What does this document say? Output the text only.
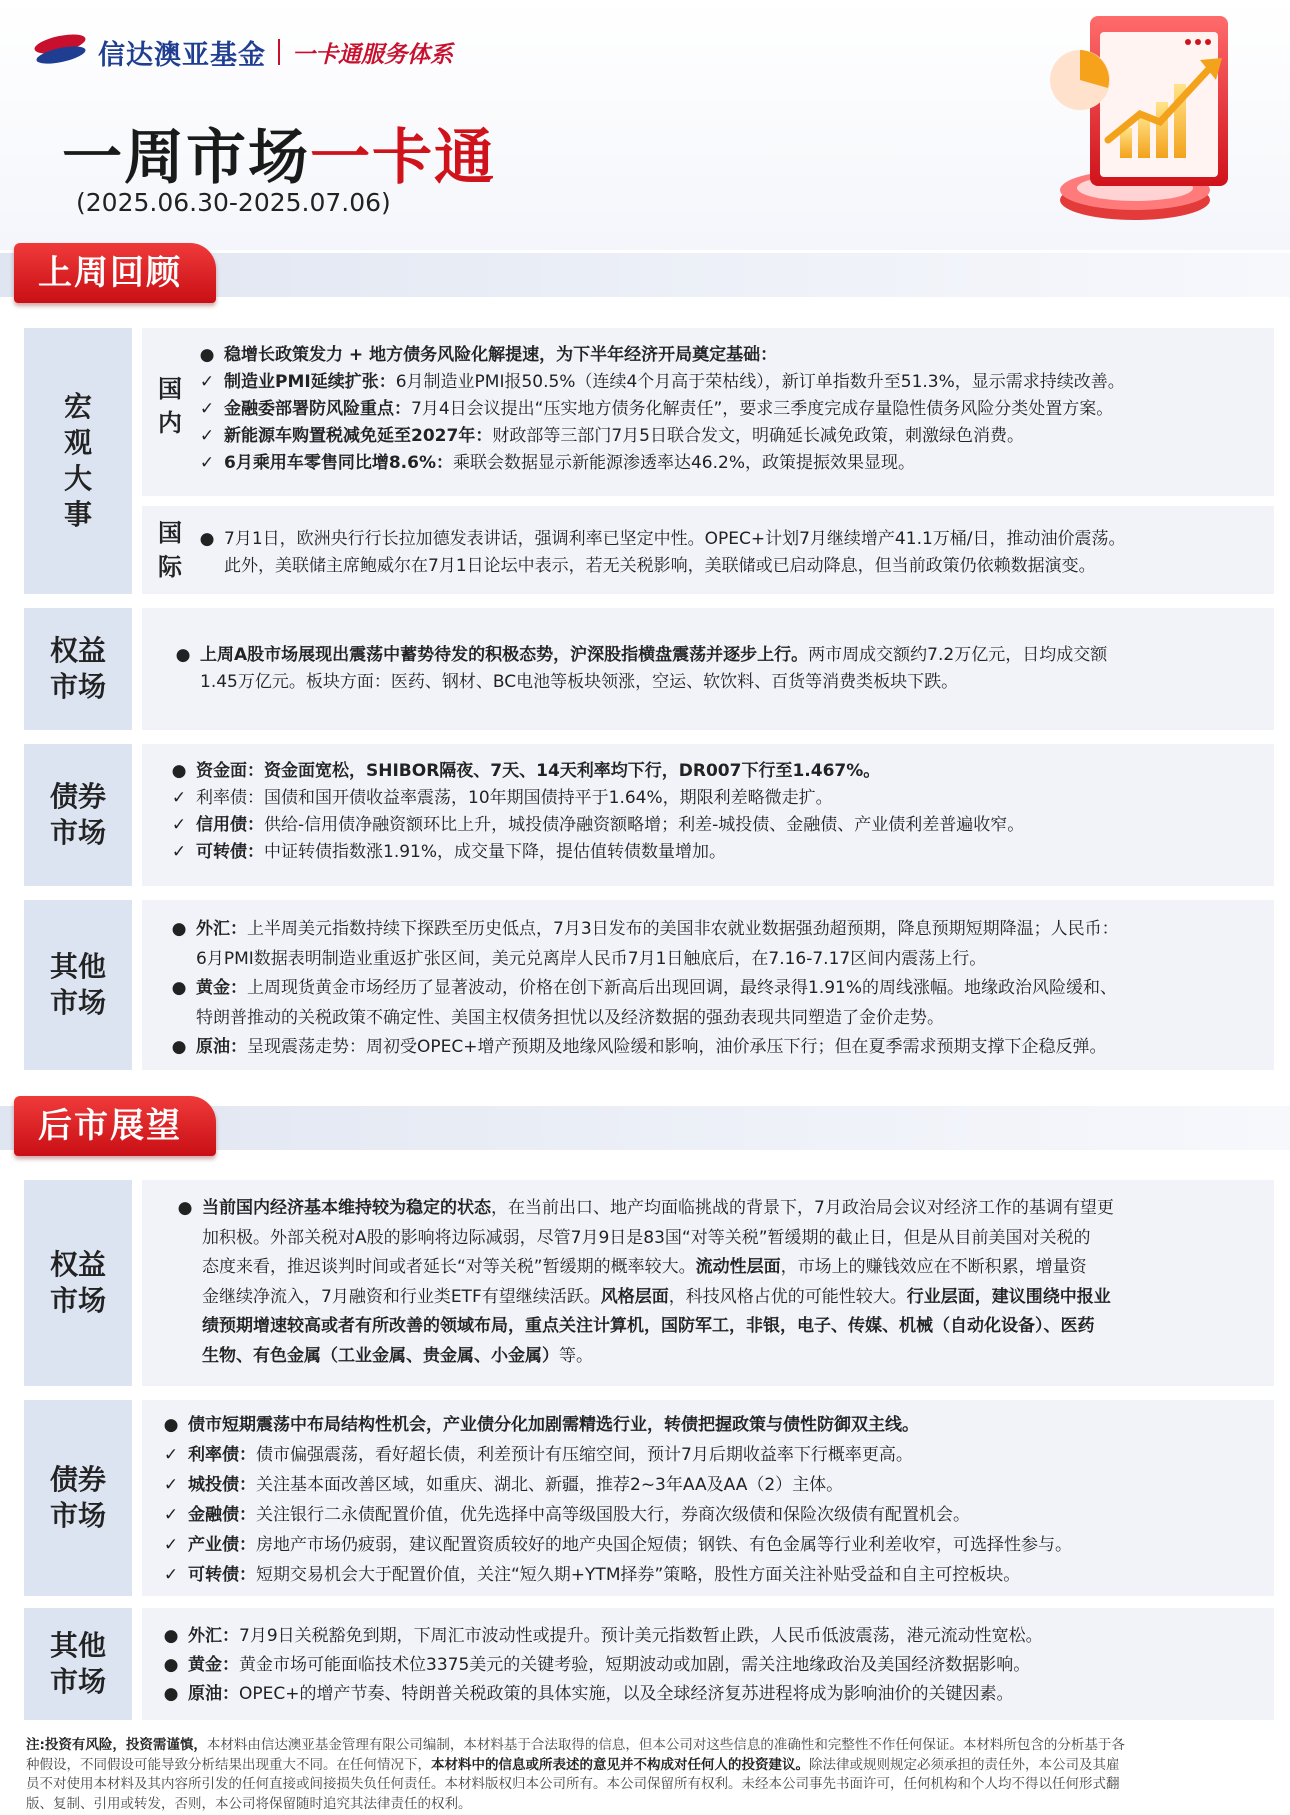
信达澳亚基金 一卡通服务体系
一周市场一卡通
(2025.06.30-2025.07.06)
上周回顾
宏
观
大
事
● 稳增长政策发力 + 地方债务风险化解提速，为下半年经济开局奠定基础：
✓ 制造业PMI延续扩张：6月制造业PMI报50.5%（连续4个月高于荣枯线），新订单指数升至51.3%，显示需求持续改善。
✓ 金融委部署防风险重点：7月4日会议提出“压实地方债务化解责任”，要求三季度完成存量隐性债务风险分类处置方案。
✓ 新能源车购置税减免延至2027年：财政部等三部门7月5日联合发文，明确延长减免政策，刺激绿色消费。
✓ 6月乘用车零售同比增8.6%：乘联会数据显示新能源渗透率达46.2%，政策提振效果显现。
国
内
● 7月1日，欧洲央行行长拉加德发表讲话，强调利率已坚定中性。OPEC+计划7月继续增产41.1万桶/日，推动油价震荡。
此外，美联储主席鲍威尔在7月1日论坛中表示，若无关税影响，美联储或已启动降息，但当前政策仍依赖数据演变。
国
际
权益
市场
● 上周A股市场展现出震荡中蓄势待发的积极态势，沪深股指横盘震荡并逐步上行。两市周成交额约7.2万亿元，日均成交额
1.45万亿元。板块方面：医药、钢材、BC电池等板块领涨，空运、软饮料、百货等消费类板块下跌。
债券
市场
● 资金面：资金面宽松，SHIBOR隔夜、7天、14天利率均下行，DR007下行至1.467%。
✓ 利率债：国债和国开债收益率震荡，10年期国债持平于1.64%，期限利差略微走扩。
✓ 信用债：供给-信用债净融资额环比上升，城投债净融资额略增；利差-城投债、金融债、产业债利差普遍收窄。
✓ 可转债：中证转债指数涨1.91%，成交量下降，提估值转债数量增加。
其他
市场
● 外汇：上半周美元指数持续下探跌至历史低点，7月3日发布的美国非农就业数据强劲超预期，降息预期短期降温；人民币：
6月PMI数据表明制造业重返扩张区间，美元兑离岸人民币7月1日触底后，在7.16-7.17区间内震荡上行。
● 黄金：上周现货黄金市场经历了显著波动，价格在创下新高后出现回调，最终录得1.91%的周线涨幅。地缘政治风险缓和、
特朗普推动的关税政策不确定性、美国主权债务担忧以及经济数据的强劲表现共同塑造了金价走势。
● 原油：呈现震荡走势：周初受OPEC+增产预期及地缘风险缓和影响，油价承压下行；但在夏季需求预期支撑下企稳反弹。
后市展望
权益
市场
● 当前国内经济基本维持较为稳定的状态，在当前出口、地产均面临挑战的背景下，7月政治局会议对经济工作的基调有望更
加积极。外部关税对A股的影响将边际减弱，尽管7月9日是83国“对等关税”暂缓期的截止日，但是从目前美国对关税的
态度来看，推迟谈判时间或者延长“对等关税”暂缓期的概率较大。流动性层面，市场上的赚钱效应在不断积累，增量资
金继续净流入，7月融资和行业类ETF有望继续活跃。风格层面，科技风格占优的可能性较大。行业层面，建议围绕中报业
绩预期增速较高或者有所改善的领域布局，重点关注计算机，国防军工，非银，电子、传媒、机械（自动化设备）、医药
生物、有色金属（工业金属、贵金属、小金属）等。
债券
市场
● 债市短期震荡中布局结构性机会，产业债分化加剧需精选行业，转债把握政策与债性防御双主线。
✓ 利率债：债市偏强震荡，看好超长债，利差预计有压缩空间，预计7月后期收益率下行概率更高。
✓ 城投债：关注基本面改善区域，如重庆、湖北、新疆，推荐2~3年AA及AA（2）主体。
✓ 金融债：关注银行二永债配置价值，优先选择中高等级国股大行，券商次级债和保险次级债有配置机会。
✓ 产业债：房地产市场仍疲弱，建议配置资质较好的地产央国企短债；钢铁、有色金属等行业利差收窄，可选择性参与。
✓ 可转债：短期交易机会大于配置价值，关注“短久期+YTM择券”策略，股性方面关注补贴受益和自主可控板块。
其他
市场
● 外汇：7月9日关税豁免到期，下周汇市波动性或提升。预计美元指数暂止跌，人民币低波震荡，港元流动性宽松。
● 黄金：黄金市场可能面临技术位3375美元的关键考验，短期波动或加剧，需关注地缘政治及美国经济数据影响。
● 原油：OPEC+的增产节奏、特朗普关税政策的具体实施，以及全球经济复苏进程将成为影响油价的关键因素。
注:投资有风险，投资需谨慎，本材料由信达澳亚基金管理有限公司编制，本材料基于合法取得的信息，但本公司对这些信息的准确性和完整性不作任何保证。本材料所包含的分析基于各
种假设，不同假设可能导致分析结果出现重大不同。在任何情况下，本材料中的信息或所表述的意见并不构成对任何人的投资建议。除法律或规则规定必须承担的责任外，本公司及其雇
员不对使用本材料及其内容所引发的任何直接或间接损失负任何责任。本材料版权归本公司所有。本公司保留所有权利。未经本公司事先书面许可，任何机构和个人均不得以任何形式翻
版、复制、引用或转发，否则，本公司将保留随时追究其法律责任的权利。
